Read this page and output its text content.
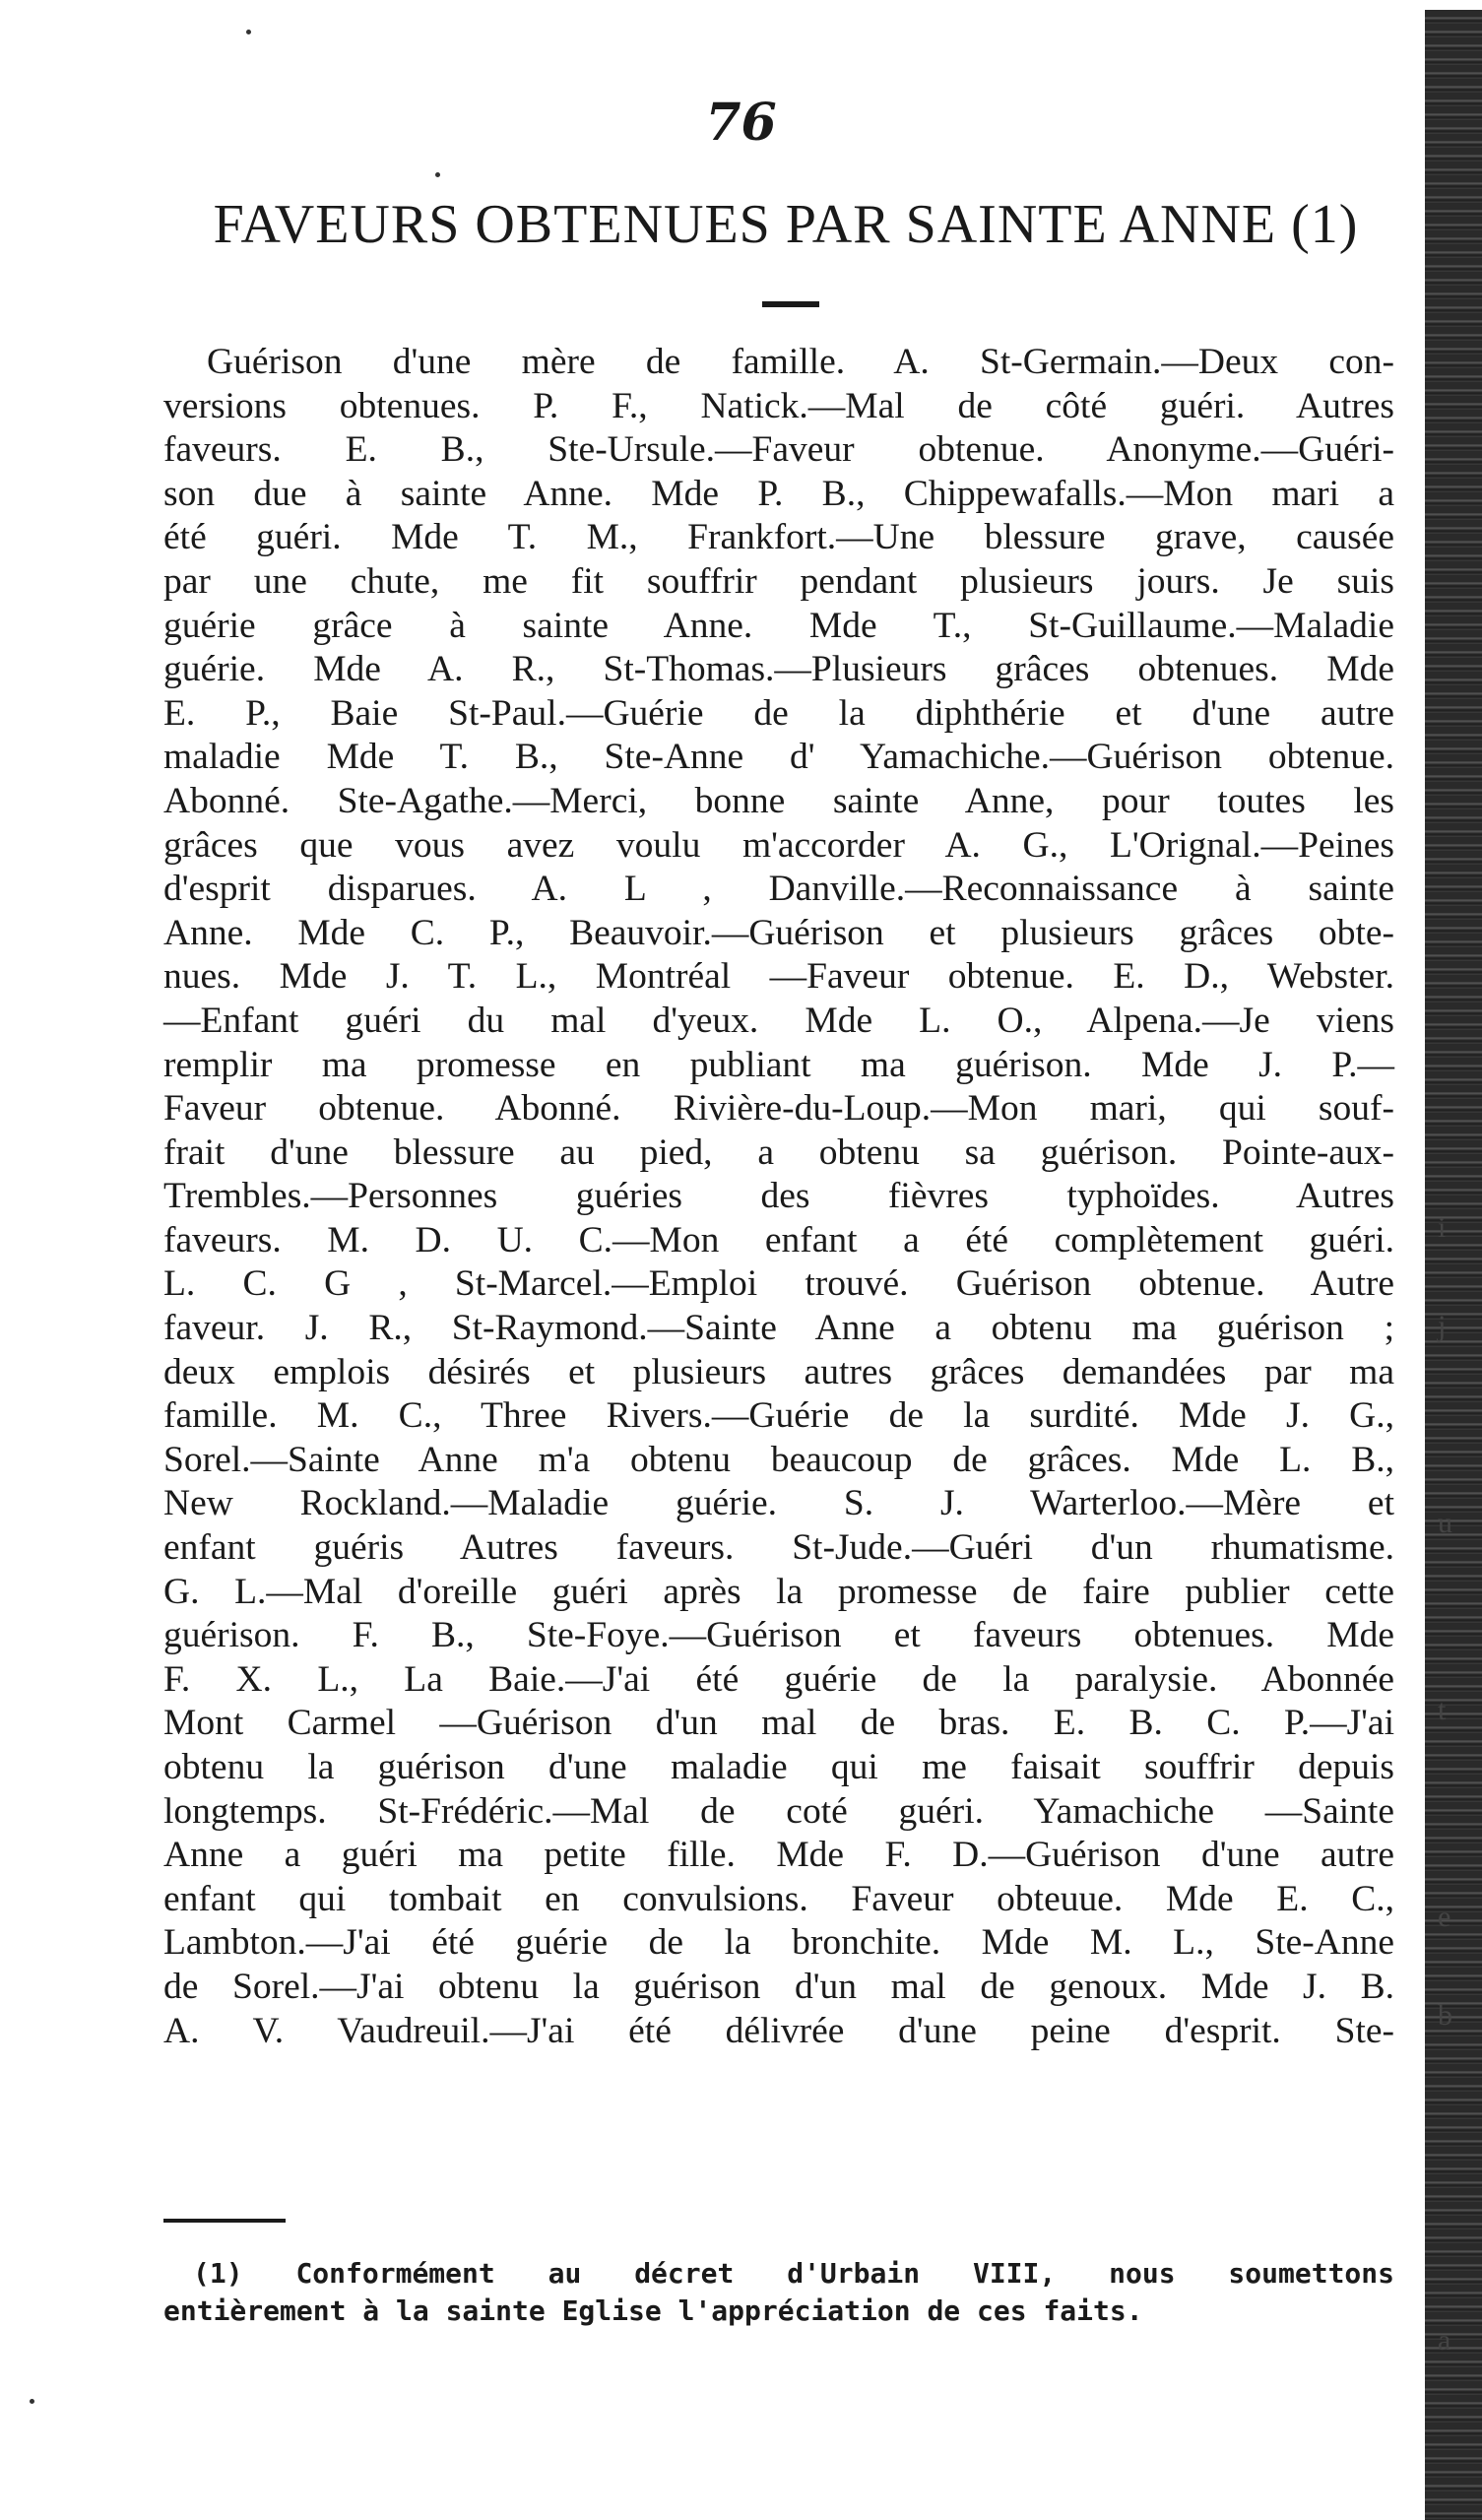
76
FAVEURS OBTENUES PAR SAINTE ANNE (1)
Guérison d'une mère de famille. A. St-Germain.—Deux con-
versions obtenues. P. F., Natick.—Mal de côté guéri. Autres
faveurs. E. B., Ste-Ursule.—Faveur obtenue. Anonyme.—Guéri-
son due à sainte Anne. Mde P. B., Chippewafalls.—Mon mari a
été guéri. Mde T. M., Frankfort.—Une blessure grave, causée
par une chute, me fit souffrir pendant plusieurs jours. Je suis
guérie grâce à sainte Anne. Mde T., St-Guillaume.—Maladie
guérie. Mde A. R., St-Thomas.—Plusieurs grâces obtenues. Mde
E. P., Baie St-Paul.—Guérie de la diphthérie et d'une autre
maladie Mde T. B., Ste-Anne d' Yamachiche.—Guérison obtenue.
Abonné. Ste-Agathe.—Merci, bonne sainte Anne, pour toutes les
grâces que vous avez voulu m'accorder A. G., L'Orignal.—Peines
d'esprit disparues. A. L , Danville.—Reconnaissance à sainte
Anne. Mde C. P., Beauvoir.—Guérison et plusieurs grâces obte-
nues. Mde J. T. L., Montréal —Faveur obtenue. E. D., Webster.
—Enfant guéri du mal d'yeux. Mde L. O., Alpena.—Je viens
remplir ma promesse en publiant ma guérison. Mde J. P.—
Faveur obtenue. Abonné. Rivière-du-Loup.—Mon mari, qui souf-
frait d'une blessure au pied, a obtenu sa guérison. Pointe-aux-
Trembles.—Personnes guéries des fièvres typhoïdes. Autres
faveurs. M. D. U. C.—Mon enfant a été complètement guéri.
L. C. G , St-Marcel.—Emploi trouvé. Guérison obtenue. Autre
faveur. J. R., St-Raymond.—Sainte Anne a obtenu ma guérison ;
deux emplois désirés et plusieurs autres grâces demandées par ma
famille. M. C., Three Rivers.—Guérie de la surdité. Mde J. G.,
Sorel.—Sainte Anne m'a obtenu beaucoup de grâces. Mde L. B.,
New Rockland.—Maladie guérie. S. J. Warterloo.—Mère et
enfant guéris Autres faveurs. St-Jude.—Guéri d'un rhumatisme.
G. L.—Mal d'oreille guéri après la promesse de faire publier cette
guérison. F. B., Ste-Foye.—Guérison et faveurs obtenues. Mde
F. X. L., La Baie.—J'ai été guérie de la paralysie. Abonnée
Mont Carmel —Guérison d'un mal de bras. E. B. C. P.—J'ai
obtenu la guérison d'une maladie qui me faisait souffrir depuis
longtemps. St-Frédéric.—Mal de coté guéri. Yamachiche —Sainte
Anne a guéri ma petite fille. Mde F. D.—Guérison d'une autre
enfant qui tombait en convulsions. Faveur obteuue. Mde E. C.,
Lambton.—J'ai été guérie de la bronchite. Mde M. L., Ste-Anne
de Sorel.—J'ai obtenu la guérison d'un mal de genoux. Mde J. B.
A. V. Vaudreuil.—J'ai été délivrée d'une peine d'esprit. Ste-
(1) Conformément au décret d'Urbain VIII, nous soumettons
entièrement à la sainte Eglise l'appréciation de ces faits.
i
j
u
t
e
b
a
